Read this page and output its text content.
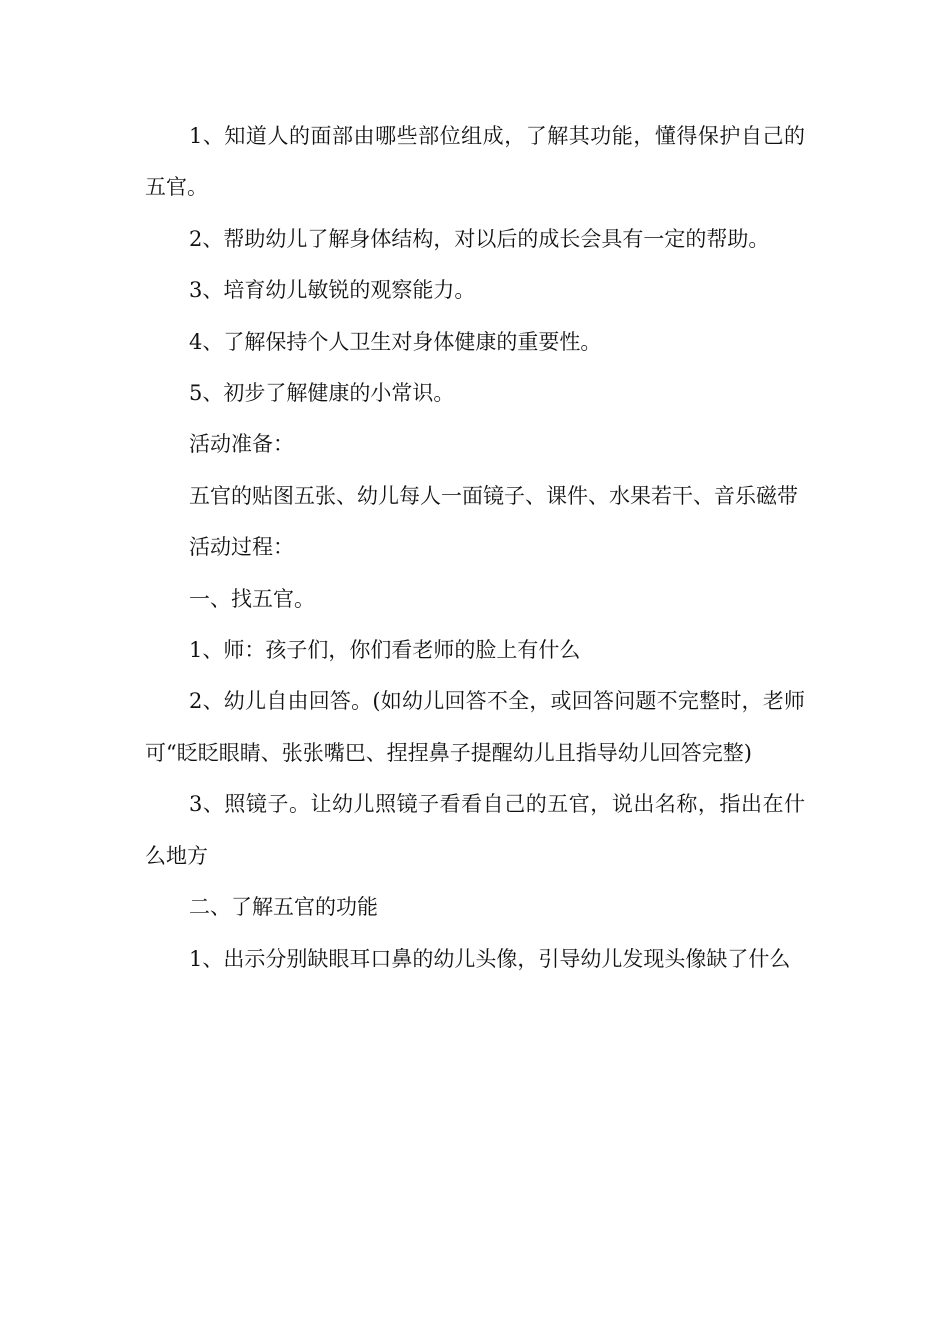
1、知道人的面部由哪些部位组成，了解其功能，懂得保护自己的五官。

2、帮助幼儿了解身体结构，对以后的成长会具有一定的帮助。

3、培育幼儿敏锐的观察能力。

4、了解保持个人卫生对身体健康的重要性。

5、初步了解健康的小常识。

活动准备：

五官的贴图五张、幼儿每人一面镜子、课件、水果若干、音乐磁带

活动过程：

一、找五官。

1、师：孩子们，你们看老师的脸上有什么

2、幼儿自由回答。(如幼儿回答不全，或回答问题不完整时，老师可“眨眨眼睛、张张嘴巴、捏捏鼻子提醒幼儿且指导幼儿回答完整)

3、照镜子。让幼儿照镜子看看自己的五官，说出名称，指出在什么地方

二、了解五官的功能

1、出示分别缺眼耳口鼻的幼儿头像，引导幼儿发现头像缺了什么
